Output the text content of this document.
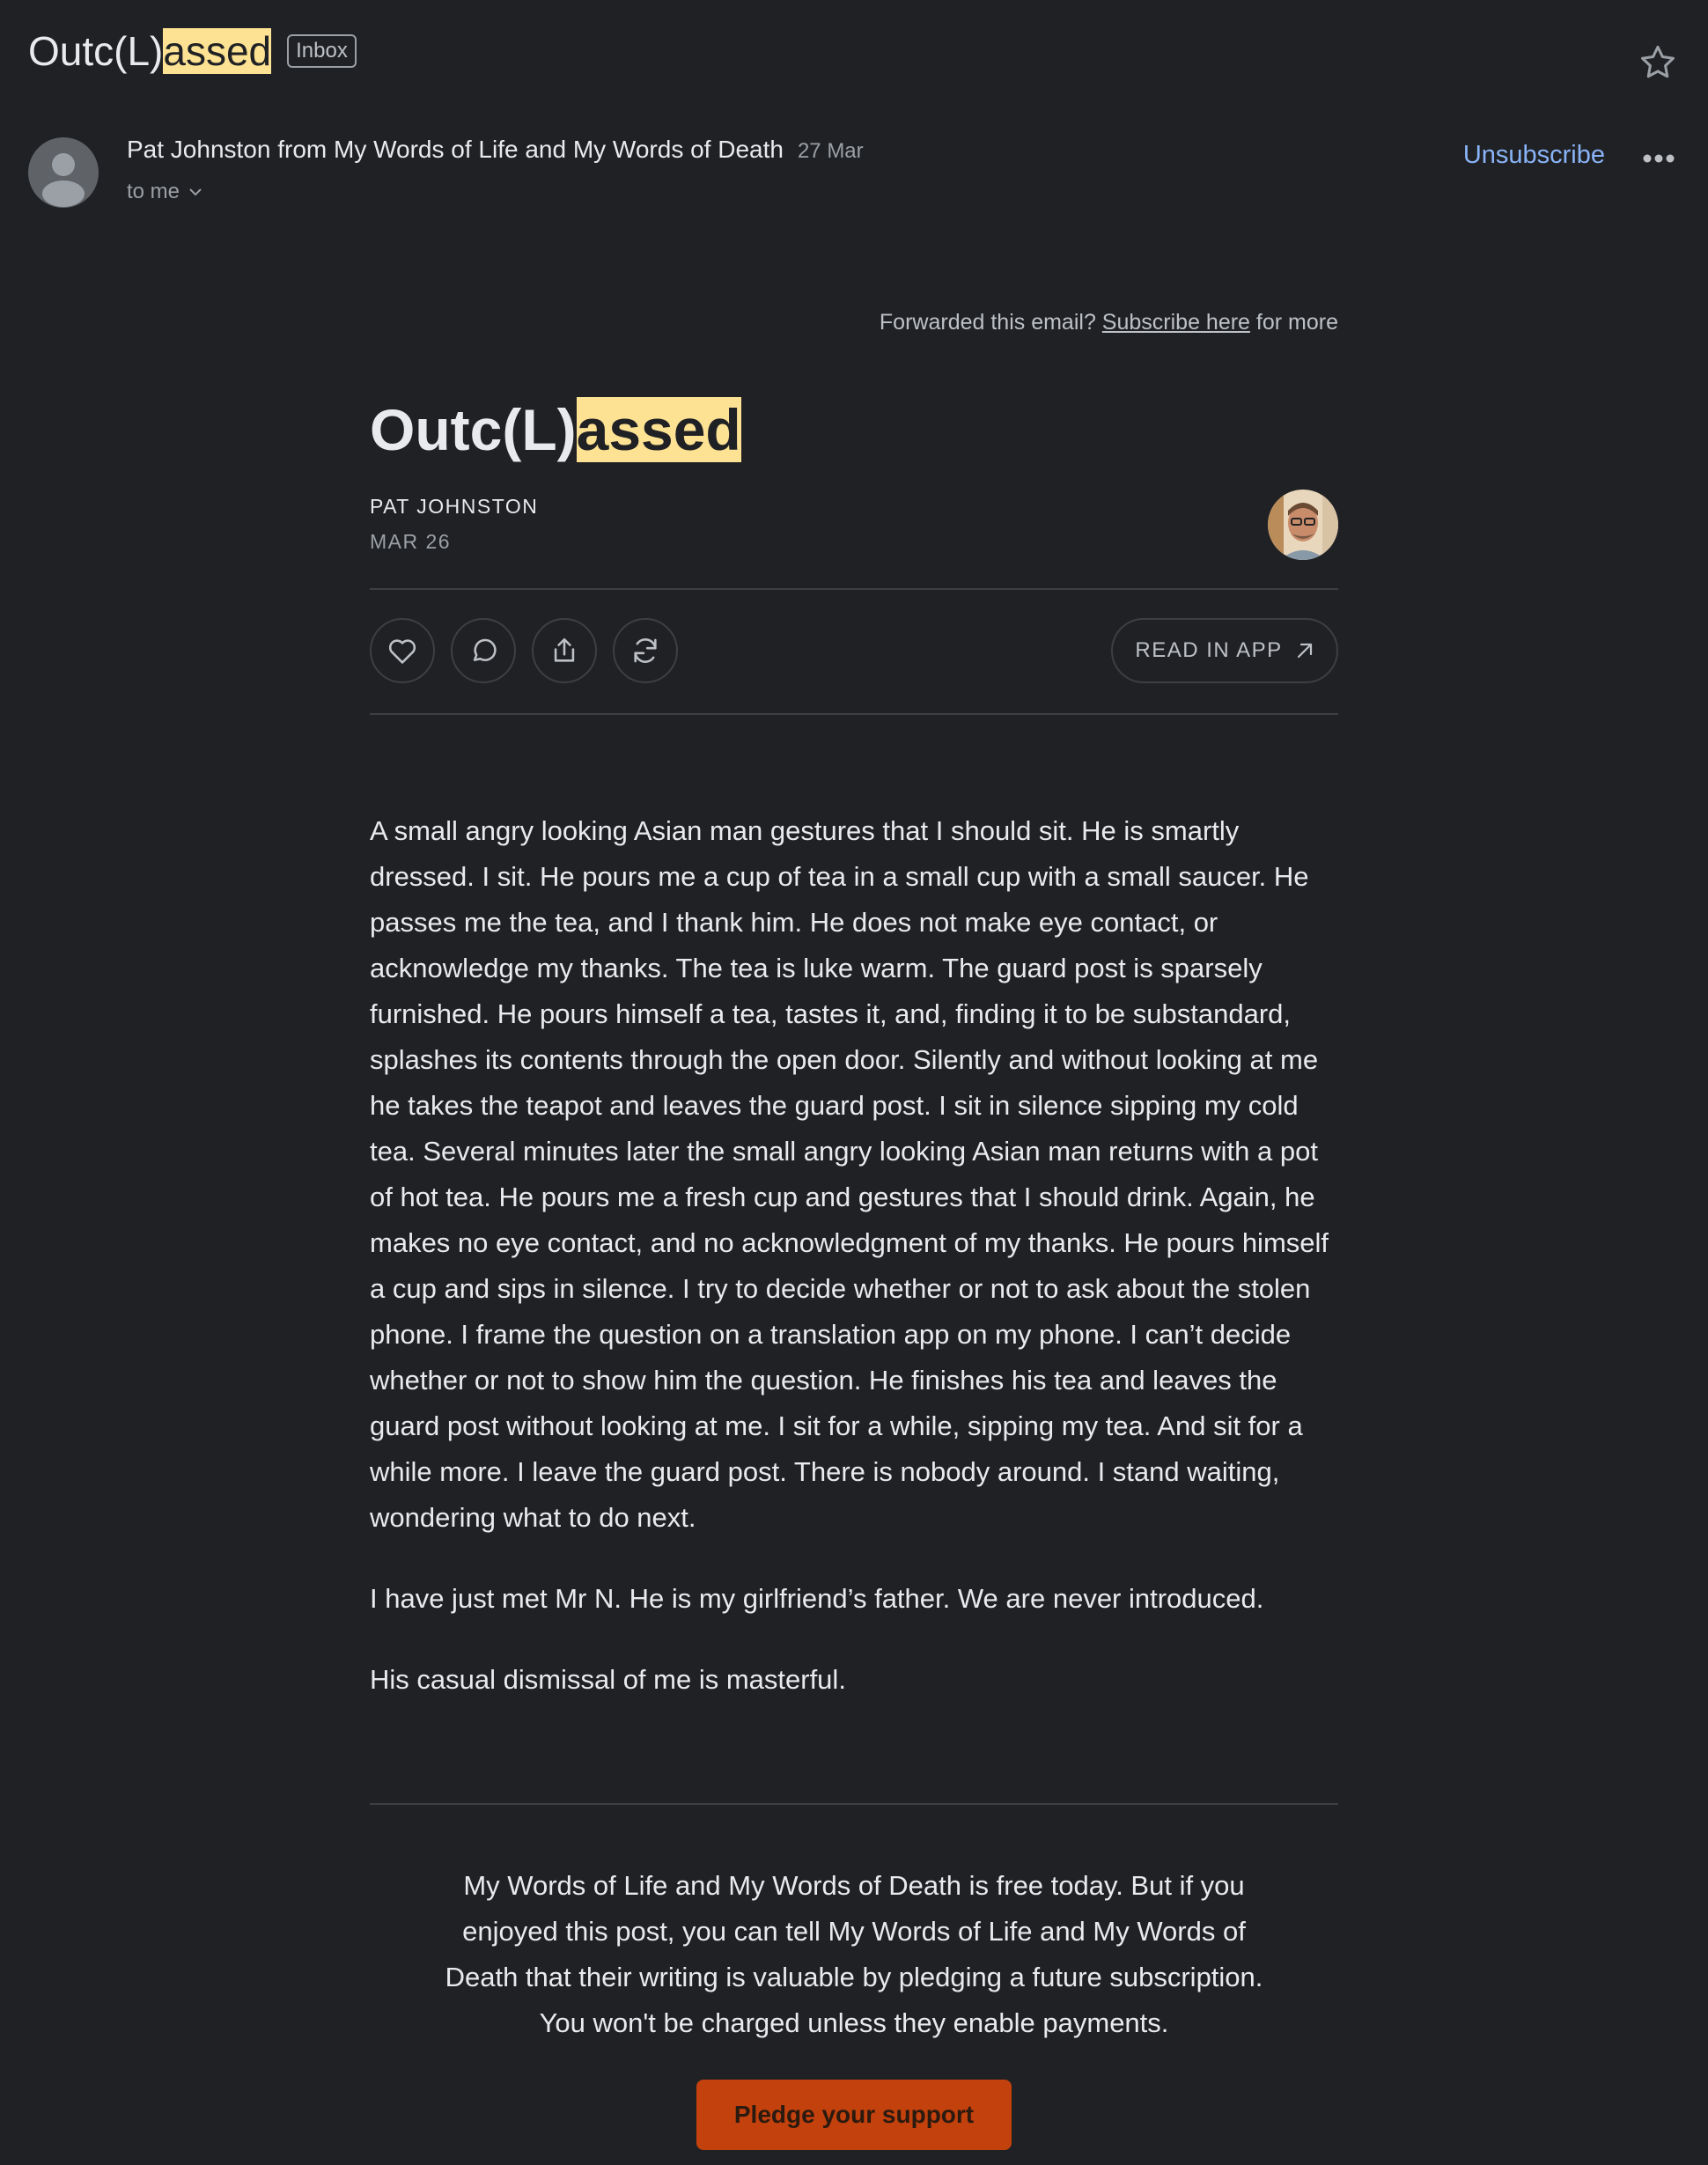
Outc(L)assed	Inbox
Pat Johnston from My Words of Life and My Words of Death 27 Mar
to me
Unsubscribe
Forwarded this email? Subscribe here for more
Outc(L)assed
PAT JOHNSTON
MAR 26
READ IN APP

A small angry looking Asian man gestures that I should sit. He is smartly dressed. I sit. He pours me a cup of tea in a small cup with a small saucer. He passes me the tea, and I thank him. He does not make eye contact, or acknowledge my thanks. The tea is luke warm. The guard post is sparsely furnished. He pours himself a tea, tastes it, and, finding it to be substandard, splashes its contents through the open door. Silently and without looking at me he takes the teapot and leaves the guard post. I sit in silence sipping my cold tea. Several minutes later the small angry looking Asian man returns with a pot of hot tea. He pours me a fresh cup and gestures that I should drink. Again, he makes no eye contact, and no acknowledgment of my thanks. He pours himself a cup and sips in silence. I try to decide whether or not to ask about the stolen phone. I frame the question on a translation app on my phone. I can’t decide whether or not to show him the question. He finishes his tea and leaves the guard post without looking at me. I sit for a while, sipping my tea. And sit for a while more. I leave the guard post. There is nobody around. I stand waiting, wondering what to do next.

I have just met Mr N. He is my girlfriend’s father. We are never introduced.

His casual dismissal of me is masterful.

My Words of Life and My Words of Death is free today. But if you enjoyed this post, you can tell My Words of Life and My Words of Death that their writing is valuable by pledging a future subscription. You won't be charged unless they enable payments.
Pledge your support
